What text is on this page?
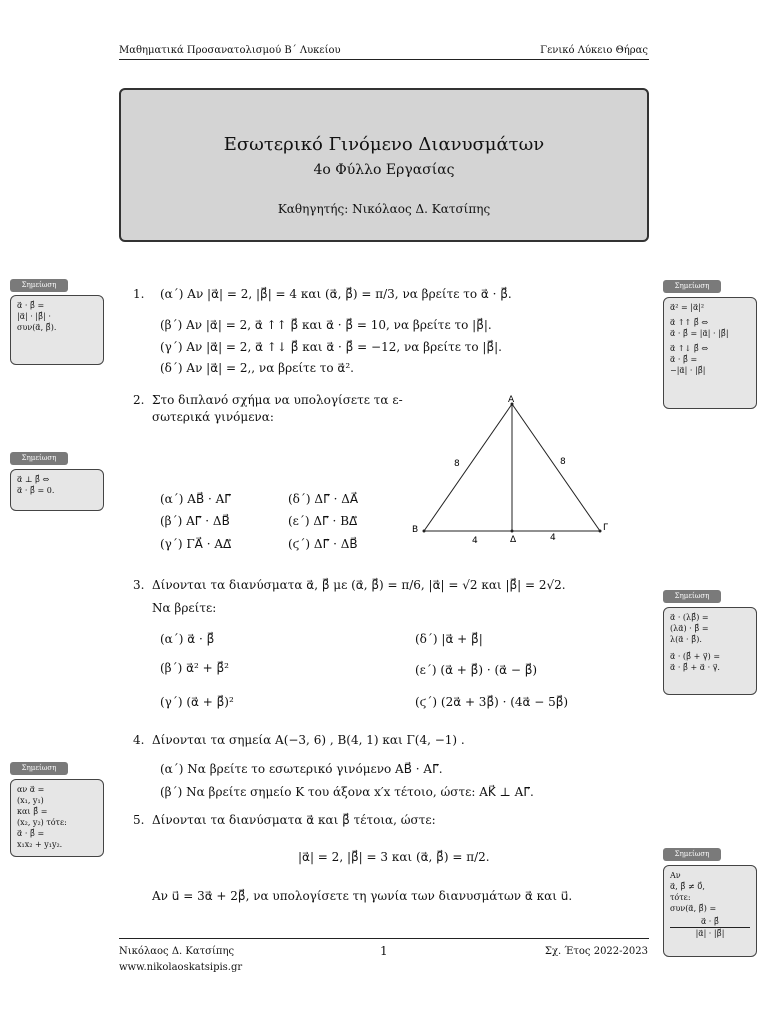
Μαθηματικά Προσανατολισμού Β΄ Λυκείου	Γενικό Λύκειο Θήρας
Εσωτερικό Γινόμενο Διανυσμάτων
4ο Φύλλο Εργασίας
Καθηγητής: Νικόλαος Δ. Κατσίπης
Σημείωση
α⃗ · β⃗ =
|α⃗| · |β⃗| ·
συν(α⃗, β⃗).
Σημείωση
α⃗ ⊥ β⃗ ⇔
α⃗ · β⃗ = 0.
Σημείωση
αν α⃗ =
(x₁, y₁)
και β⃗ =
(x₂, y₂) τότε:
α⃗ · β⃗ =
x₁x₂ + y₁y₂.
Σημείωση
α⃗² = |α⃗|²
α⃗ ↑↑ β⃗ ⇔
α⃗ · β⃗ = |α⃗| · |β⃗|
α⃗ ↑↓ β⃗ ⇔
α⃗ · β⃗ =
−|α⃗| · |β⃗|
Σημείωση
α⃗ · (λβ⃗) =
(λα⃗) · β⃗ =
λ(α⃗ · β⃗).
α⃗ · (β⃗ + γ⃗) =
α⃗ · β⃗ + α⃗ · γ⃗.
Σημείωση
Αν
α⃗, β⃗ ≠ 0⃗,
τότε:
συν(α⃗, β⃗) =
α⃗ · β⃗
|α⃗| · |β⃗|
1. (α΄) Αν |α⃗| = 2, |β⃗| = 4 και (α⃗, β⃗) = π/3, να βρείτε το α⃗ · β⃗.
(β΄) Αν |α⃗| = 2, α⃗ ↑↑ β⃗ και α⃗ · β⃗ = 10, να βρείτε το |β⃗|.
(γ΄) Αν |α⃗| = 2, α⃗ ↑↓ β⃗ και α⃗ · β⃗ = −12, να βρείτε το |β⃗|.
(δ΄) Αν |α⃗| = 2,, να βρείτε το α⃗².
2. Στο διπλανό σχήμα να υπολογίσετε τα ε-
σωτερικά γινόμενα:
(α΄) AB⃗ · AΓ⃗	(δ΄) ΔΓ⃗ · ΔA⃗
(β΄) AΓ⃗ · ΔB⃗	(ε΄) ΔΓ⃗ · BΔ⃗
(γ΄) ΓA⃗ · AΔ⃗	(ϛ΄) ΔΓ⃗ · ΔB⃗
A
B	Γ
Δ
8	8
4	4
3. Δίνονται τα διανύσματα α⃗, β⃗ με (α⃗, β⃗) = π/6, |α⃗| = √2 και |β⃗| = 2√2.
Να βρείτε:
(α΄) α⃗ · β⃗	(δ΄) |α⃗ + β⃗|
(β΄) α⃗² + β⃗²	(ε΄) (α⃗ + β⃗) · (α⃗ − β⃗)
(γ΄) (α⃗ + β⃗)²	(ϛ΄) (2α⃗ + 3β⃗) · (4α⃗ − 5β⃗)
4. Δίνονται τα σημεία A(−3, 6) , B(4, 1) και Γ(4, −1) .
(α΄) Να βρείτε το εσωτερικό γινόμενο AB⃗ · AΓ⃗.
(β΄) Να βρείτε σημείο K του άξονα x′x τέτοιο, ώστε: AK⃗ ⊥ AΓ⃗.
5. Δίνονται τα διανύσματα α⃗ και β⃗ τέτοια, ώστε:
|α⃗| = 2, |β⃗| = 3 και (α⃗, β⃗) = π/2.
Αν u⃗ = 3α⃗ + 2β⃗, να υπολογίσετε τη γωνία των διανυσμάτων α⃗ και u⃗.
Νικόλαος Δ. Κατσίπης	1	Σχ. Έτος 2022-2023
www.nikolaoskatsipis.gr
